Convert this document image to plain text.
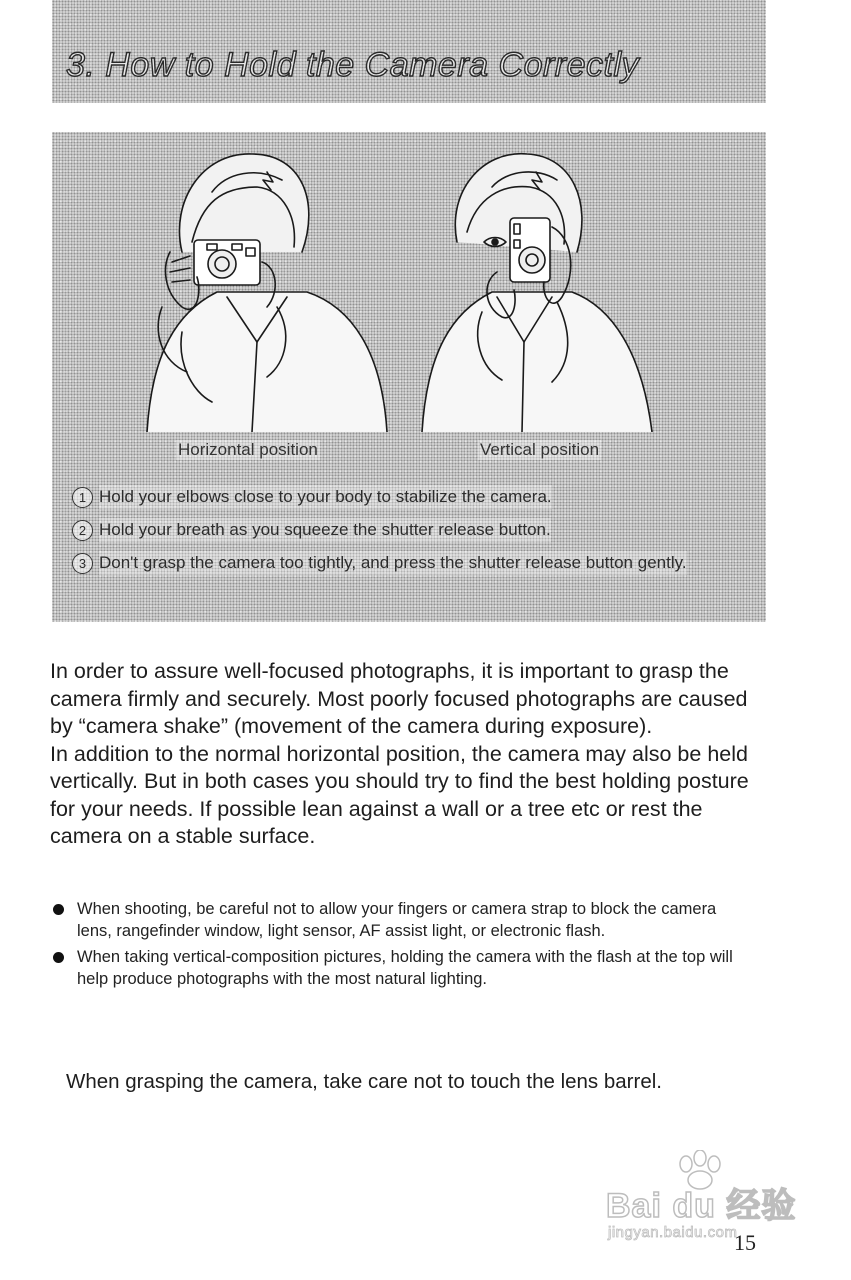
3. How to Hold the Camera Correctly
Horizontal position	Vertical position
1 Hold your elbows close to your body to stabilize the camera.
2 Hold your breath as you squeeze the shutter release button.
3 Don't grasp the camera too tightly, and press the shutter release button gently.

In order to assure well-focused photographs, it is important to grasp the camera firmly and securely. Most poorly focused photographs are caused by “camera shake” (movement of the camera during exposure).

In addition to the normal horizontal position, the camera may also be held vertically. But in both cases you should try to find the best holding posture for your needs. If possible lean against a wall or a tree etc or rest the camera on a stable surface.

When shooting, be careful not to allow your fingers or camera strap to block the camera lens, rangefinder window, light sensor, AF assist light, or electronic flash.
When taking vertical-composition pictures, holding the camera with the flash at the top will help produce photographs with the most natural lighting.
When grasping the camera, take care not to touch the lens barrel.
Bai du 经验
jingyan.baidu.com
15
